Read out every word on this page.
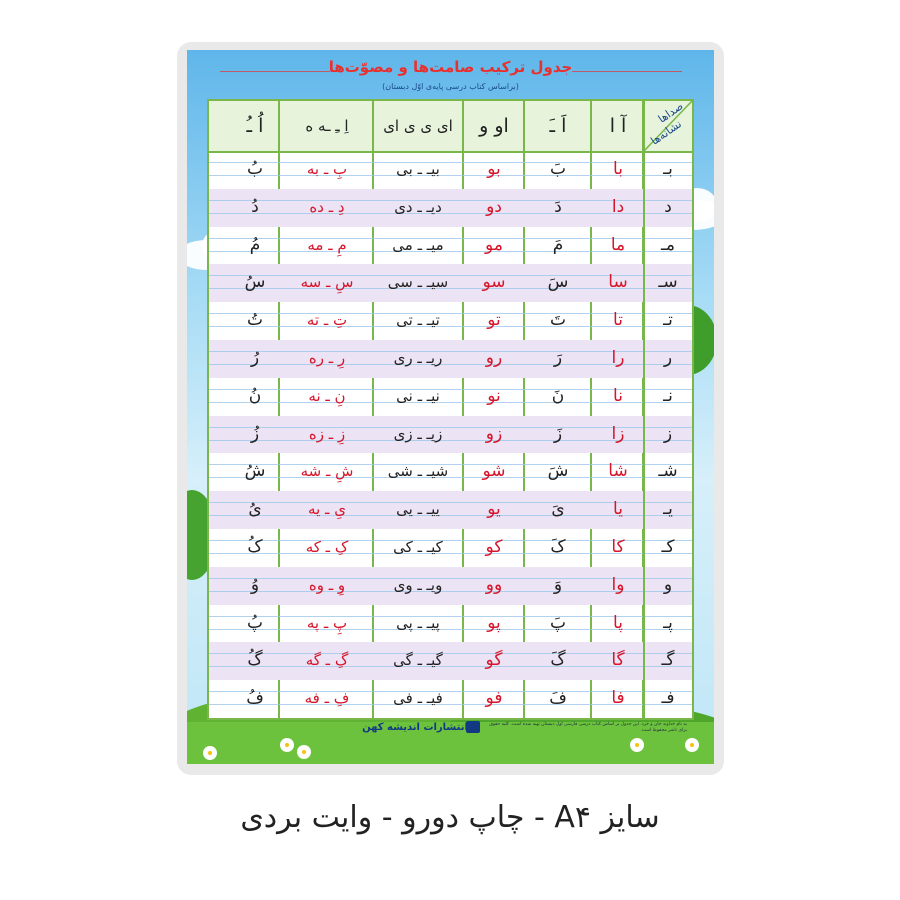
جدول ترکیب صامت‌ها و مصوّت‌ها
(براساس کتاب درسی پایه‌ی اوّل دبستان)
صداها
نشانه‌ها
آ ا
اَ ـَ
او و
ای ی ی ای
اِ ـِ ـه ه
اُ ـُ
بـ
با
بَ
بو
بیـ ـ بی
بِ ـ به
بُ
د
دا
دَ
دو
دیـ ـ دی
دِ ـ ده
دُ
مـ
ما
مَ
مو
میـ ـ می
مِ ـ مه
مُ
سـ
سا
سَ
سو
سیـ ـ سی
سِ ـ سه
سُ
تـ
تا
تَ
تو
تیـ ـ تی
تِ ـ ته
تُ
ر
را
رَ
رو
ریـ ـ ری
رِ ـ ره
رُ
نـ
نا
نَ
نو
نیـ ـ نی
نِ ـ نه
نُ
ز
زا
زَ
زو
زیـ ـ زی
زِ ـ زه
زُ
شـ
شا
شَ
شو
شیـ ـ شی
شِ ـ شه
شُ
یـ
یا
یَ
یو
ییـ ـ یی
یِ ـ یه
یُ
کـ
کا
کَ
کو
کیـ ـ کی
کِ ـ که
کُ
و
وا
وَ
وو
ویـ ـ وی
وِ ـ وه
وُ
پـ
پا
پَ
پو
پیـ ـ پی
پِ ـ په
پُ
گـ
گا
گَ
گو
گیـ ـ گی
گِ ـ گه
گُ
فـ
فا
فَ
فو
فیـ ـ فی
فِ ـ فه
فُ
انتشارات اندیشه کهن	به نام خداوند جان و خرد. این جدول بر اساس کتاب درسی فارسی اول دبستان تهیه شده است. کلیه حقوق برای ناشر محفوظ است.
سایز A۴ - چاپ دورو - وایت بردی
